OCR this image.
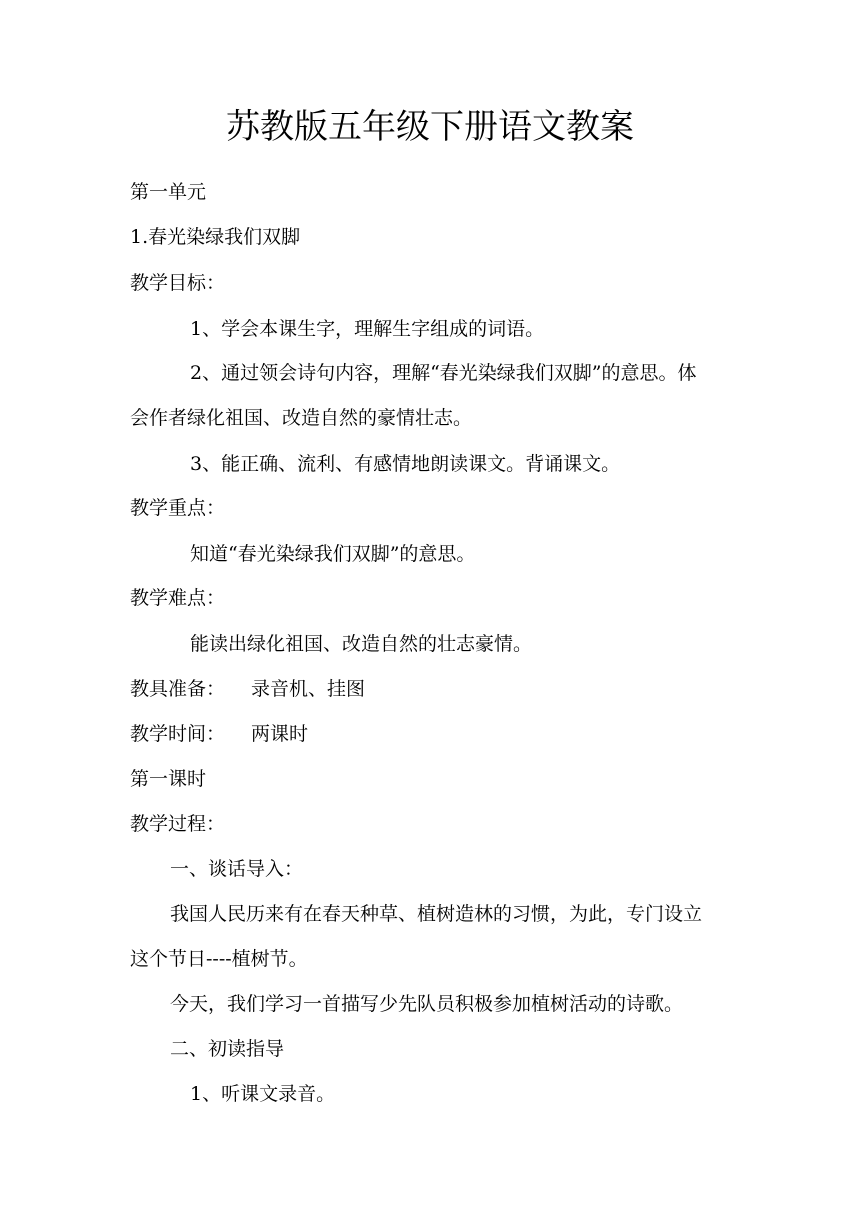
苏教版五年级下册语文教案

第一单元

1.春光染绿我们双脚

教学目标：

1、学会本课生字，理解生字组成的词语。

2、通过领会诗句内容，理解“春光染绿我们双脚”的意思。体

会作者绿化祖国、改造自然的豪情壮志。

3、能正确、流利、有感情地朗读课文。背诵课文。

教学重点：

知道“春光染绿我们双脚”的意思。

教学难点：

能读出绿化祖国、改造自然的壮志豪情。

教具准备： 录音机、挂图

教学时间： 两课时

第一课时

教学过程：

一、谈话导入：

我国人民历来有在春天种草、植树造林的习惯，为此，专门设立

这个节日----植树节。

今天，我们学习一首描写少先队员积极参加植树活动的诗歌。

二、初读指导

1、听课文录音。
